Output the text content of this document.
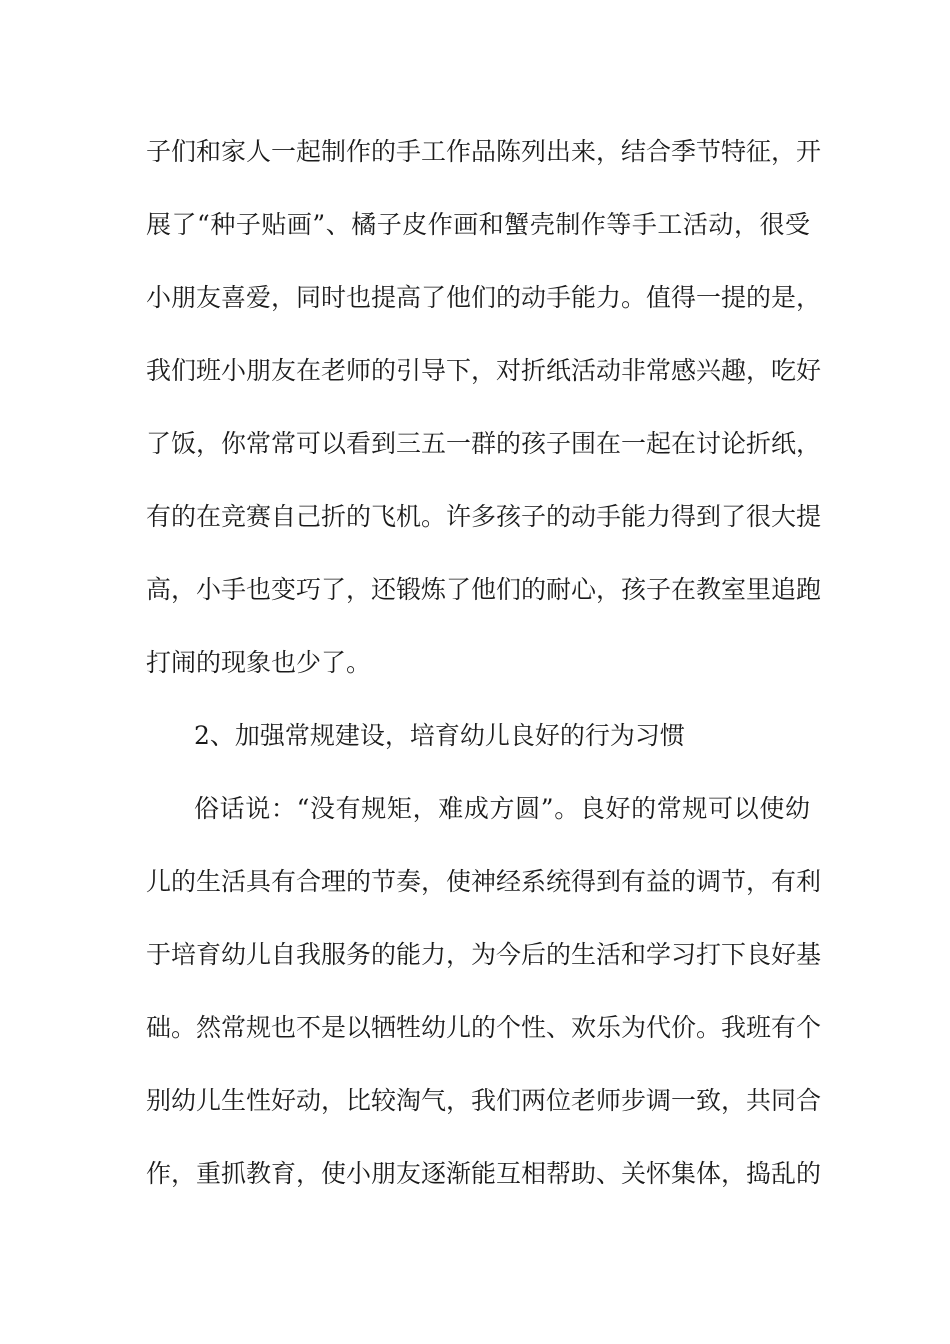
子们和家人一起制作的手工作品陈列出来，结合季节特征，开
展了“种子贴画”、橘子皮作画和蟹壳制作等手工活动，很受
小朋友喜爱，同时也提高了他们的动手能力。值得一提的是，
我们班小朋友在老师的引导下，对折纸活动非常感兴趣，吃好
了饭，你常常可以看到三五一群的孩子围在一起在讨论折纸，
有的在竞赛自己折的飞机。许多孩子的动手能力得到了很大提
高，小手也变巧了，还锻炼了他们的耐心，孩子在教室里追跑
打闹的现象也少了。
2、加强常规建设，培育幼儿良好的行为习惯
俗话说：“没有规矩，难成方圆”。良好的常规可以使幼
儿的生活具有合理的节奏，使神经系统得到有益的调节，有利
于培育幼儿自我服务的能力，为今后的生活和学习打下良好基
础。然常规也不是以牺牲幼儿的个性、欢乐为代价。我班有个
别幼儿生性好动，比较淘气，我们两位老师步调一致，共同合
作，重抓教育，使小朋友逐渐能互相帮助、关怀集体，捣乱的
